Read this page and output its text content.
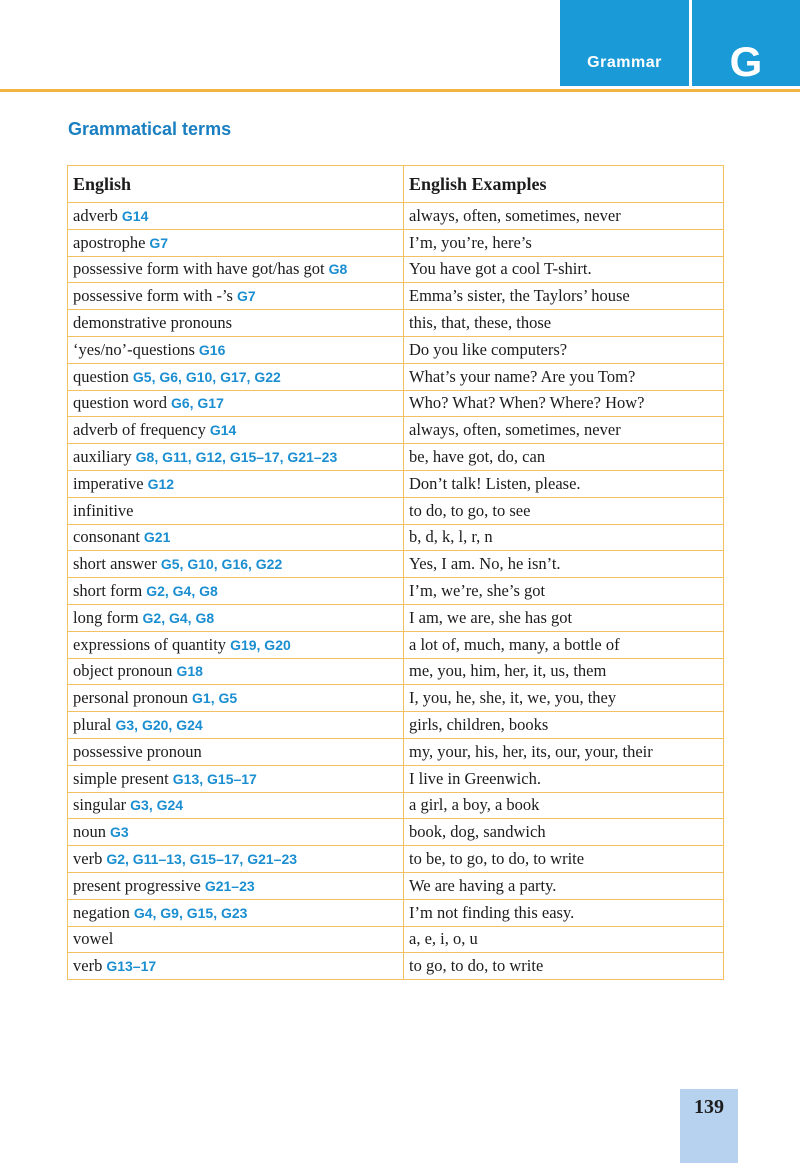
Grammar	G
Grammatical terms
English	English Examples
adverb G14	always, often, sometimes, never
apostrophe G7	I’m, you’re, here’s
possessive form with have got/has got G8	You have got a cool T-shirt.
possessive form with -’s G7	Emma’s sister, the Taylors’ house
demonstrative pronouns	this, that, these, those
‘yes/no’-questions G16	Do you like computers?
question G5, G6, G10, G17, G22	What’s your name? Are you Tom?
question word G6, G17	Who? What? When? Where? How?
adverb of frequency G14	always, often, sometimes, never
auxiliary G8, G11, G12, G15–17, G21–23	be, have got, do, can
imperative G12	Don’t talk! Listen, please.
infinitive	to do, to go, to see
consonant G21	b, d, k, l, r, n
short answer G5, G10, G16, G22	Yes, I am. No, he isn’t.
short form G2, G4, G8	I’m, we’re, she’s got
long form G2, G4, G8	I am, we are, she has got
expressions of quantity G19, G20	a lot of, much, many, a bottle of
object pronoun G18	me, you, him, her, it, us, them
personal pronoun G1, G5	I, you, he, she, it, we, you, they
plural G3, G20, G24	girls, children, books
possessive pronoun	my, your, his, her, its, our, your, their
simple present G13, G15–17	I live in Greenwich.
singular G3, G24	a girl, a boy, a book
noun G3	book, dog, sandwich
verb G2, G11–13, G15–17, G21–23	to be, to go, to do, to write
present progressive G21–23	We are having a party.
negation G4, G9, G15, G23	I’m not finding this easy.
vowel	a, e, i, o, u
verb G13–17	to go, to do, to write
139
